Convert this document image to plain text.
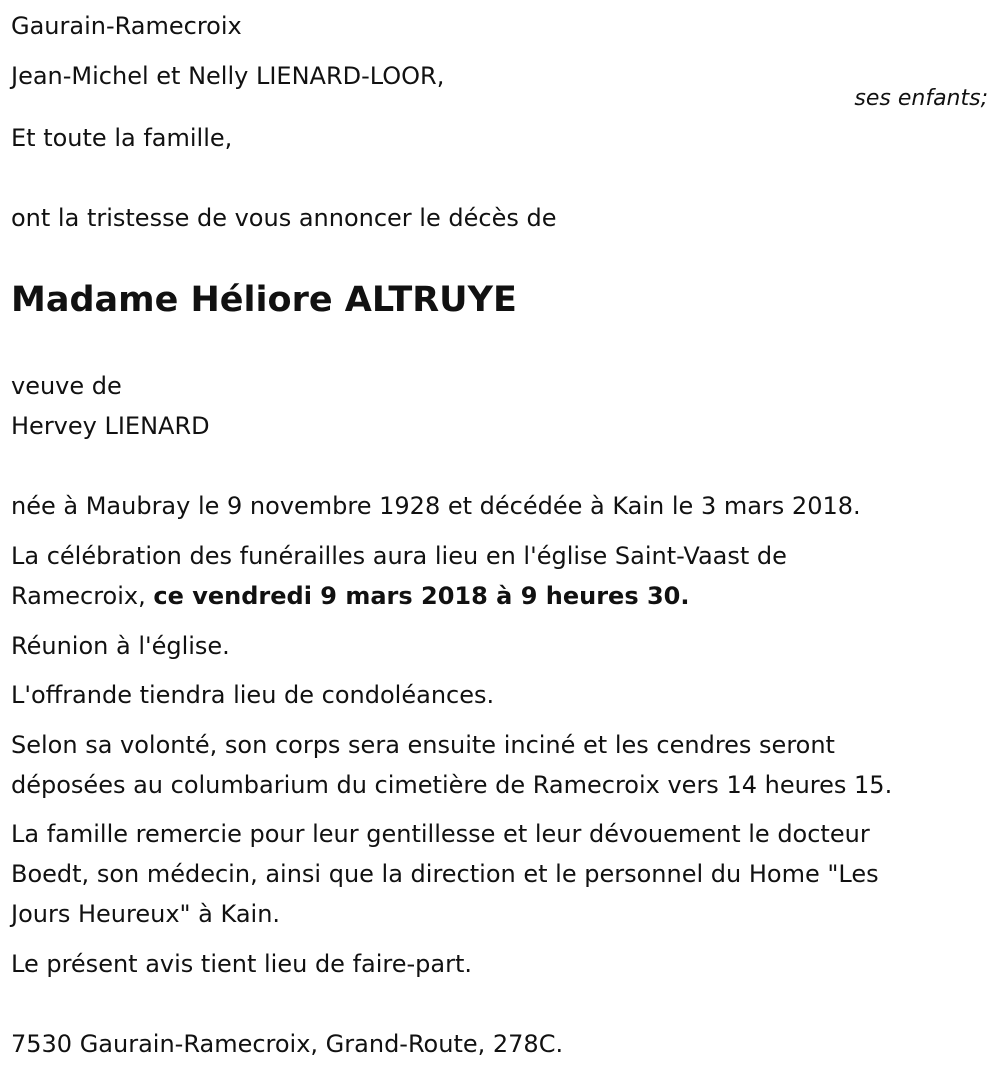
Gaurain-Ramecroix
Jean-Michel et Nelly LIENARD-LOOR,
ses enfants;
Et toute la famille,
ont la tristesse de vous annoncer le décès de
Madame Héliore ALTRUYE
veuve de
Hervey LIENARD
née à Maubray le 9 novembre 1928 et décédée à Kain le 3 mars 2018.
La célébration des funérailles aura lieu en l'église Saint-Vaast de
Ramecroix, ce vendredi 9 mars 2018 à 9 heures 30.
Réunion à l'église.
L'offrande tiendra lieu de condoléances.
Selon sa volonté, son corps sera ensuite inciné et les cendres seront
déposées au columbarium du cimetière de Ramecroix vers 14 heures 15.
La famille remercie pour leur gentillesse et leur dévouement le docteur
Boedt, son médecin, ainsi que la direction et le personnel du Home "Les
Jours Heureux" à Kain.
Le présent avis tient lieu de faire-part.
7530 Gaurain-Ramecroix, Grand-Route, 278C.
